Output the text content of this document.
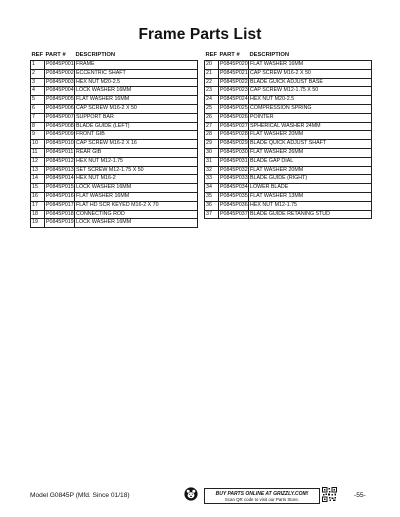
Frame Parts List
REF	PART #	DESCRIPTION
1	P0845P001	FRAME
2	P0845P002	ECCENTRIC SHAFT
3	P0845P003	HEX NUT M20-2.5
4	P0845P004	LOCK WASHER 16MM
5	P0845P005	FLAT WASHER 16MM
6	P0845P006	CAP SCREW M16-2 X 50
7	P0845P007	SUPPORT BAR
8	P0845P008	BLADE GUIDE (LEFT)
9	P0845P009	FRONT GIB
10	P0845P010	CAP SCREW M16-2 X 16
11	P0845P011	REAR GIB
12	P0845P012	HEX NUT M12-1.75
13	P0845P013	SET SCREW M12-1.75 X 50
14	P0845P014	HEX NUT M16-2
15	P0845P015	LOCK WASHER 16MM
16	P0845P016	FLAT WASHER 16MM
17	P0845P017	FLAT HD SCR KEYED M16-2 X 70
18	P0845P018	CONNECTING ROD
19	P0845P019	LOCK WASHER 16MM
REF	PART #	DESCRIPTION
20	P0845P020	FLAT WASHER 16MM
21	P0845P021	CAP SCREW M16-2 X 50
22	P0845P022	BLADE GUICK ADJUST BASE
23	P0845P023	CAP SCREW M12-1.75 X 50
24	P0845P024	HEX NUT M20-2.5
25	P0845P025	COMPRESSION SPRING
26	P0845P026	POINTER
27	P0845P027	SPHERICAL WASHER 24MM
28	P0845P028	FLAT WASHER 20MM
29	P0845P029	BLADE QUICK ADJUST SHAFT
30	P0845P030	FLAT WASHER 26MM
31	P0845P031	BLADE GAP DIAL
32	P0845P032	FLAT WASHER 20MM
33	P0845P033	BLADE GUIDE (RIGHT)
34	P0845P034	LOWER BLADE
35	P0845P035	FLAT WASHER 13MM
36	P0845P036	HEX NUT M12-1.75
37	P0845P037	BLADE GUIDE RETANING STUD
Model G0845P (Mfd. Since 01/18)	BUY PARTS ONLINE AT GRIZZLY.COM!
Scan QR code to visit our Parts Store.
-55-
